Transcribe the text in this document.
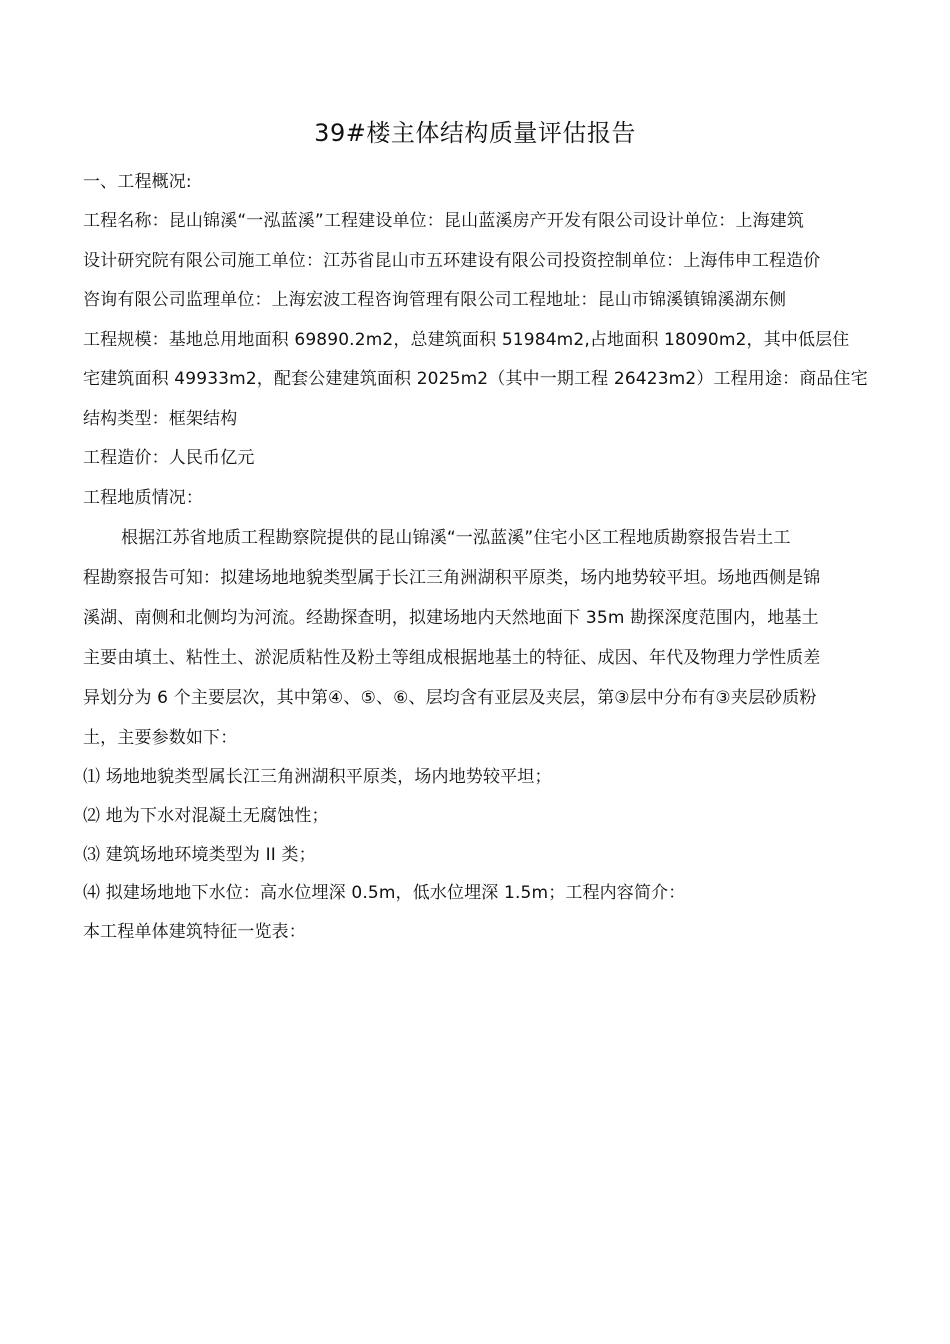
39#楼主体结构质量评估报告
一、工程概况:
工程名称：昆山锦溪“一泓蓝溪”工程建设单位：昆山蓝溪房产开发有限公司设计单位：上海建筑
设计研究院有限公司施工单位：江苏省昆山市五环建设有限公司投资控制单位：上海伟申工程造价
咨询有限公司监理单位：上海宏波工程咨询管理有限公司工程地址：昆山市锦溪镇锦溪湖东侧
工程规模：基地总用地面积 69890.2m2，总建筑面积 51984m2,占地面积 18090m2，其中低层住
宅建筑面积 49933m2，配套公建建筑面积 2025m2（其中一期工程 26423m2）工程用途：商品住宅
结构类型：框架结构
工程造价：人民币亿元
工程地质情况：
根据江苏省地质工程勘察院提供的昆山锦溪“一泓蓝溪”住宅小区工程地质勘察报告岩土工
程勘察报告可知：拟建场地地貌类型属于长江三角洲湖积平原类，场内地势较平坦。场地西侧是锦
溪湖、南侧和北侧均为河流。经勘探查明，拟建场地内天然地面下 35m 勘探深度范围内，地基土
主要由填土、粘性土、淤泥质粘性及粉土等组成根据地基土的特征、成因、年代及物理力学性质差
异划分为 6 个主要层次，其中第④、⑤、⑥、层均含有亚层及夹层，第③层中分布有③夹层砂质粉
土，主要参数如下：
⑴ 场地地貌类型属长江三角洲湖积平原类，场内地势较平坦；
⑵ 地为下水对混凝土无腐蚀性；
⑶ 建筑场地环境类型为 II 类；
⑷ 拟建场地地下水位：高水位埋深 0.5m，低水位埋深 1.5m；工程内容简介：
本工程单体建筑特征一览表：
